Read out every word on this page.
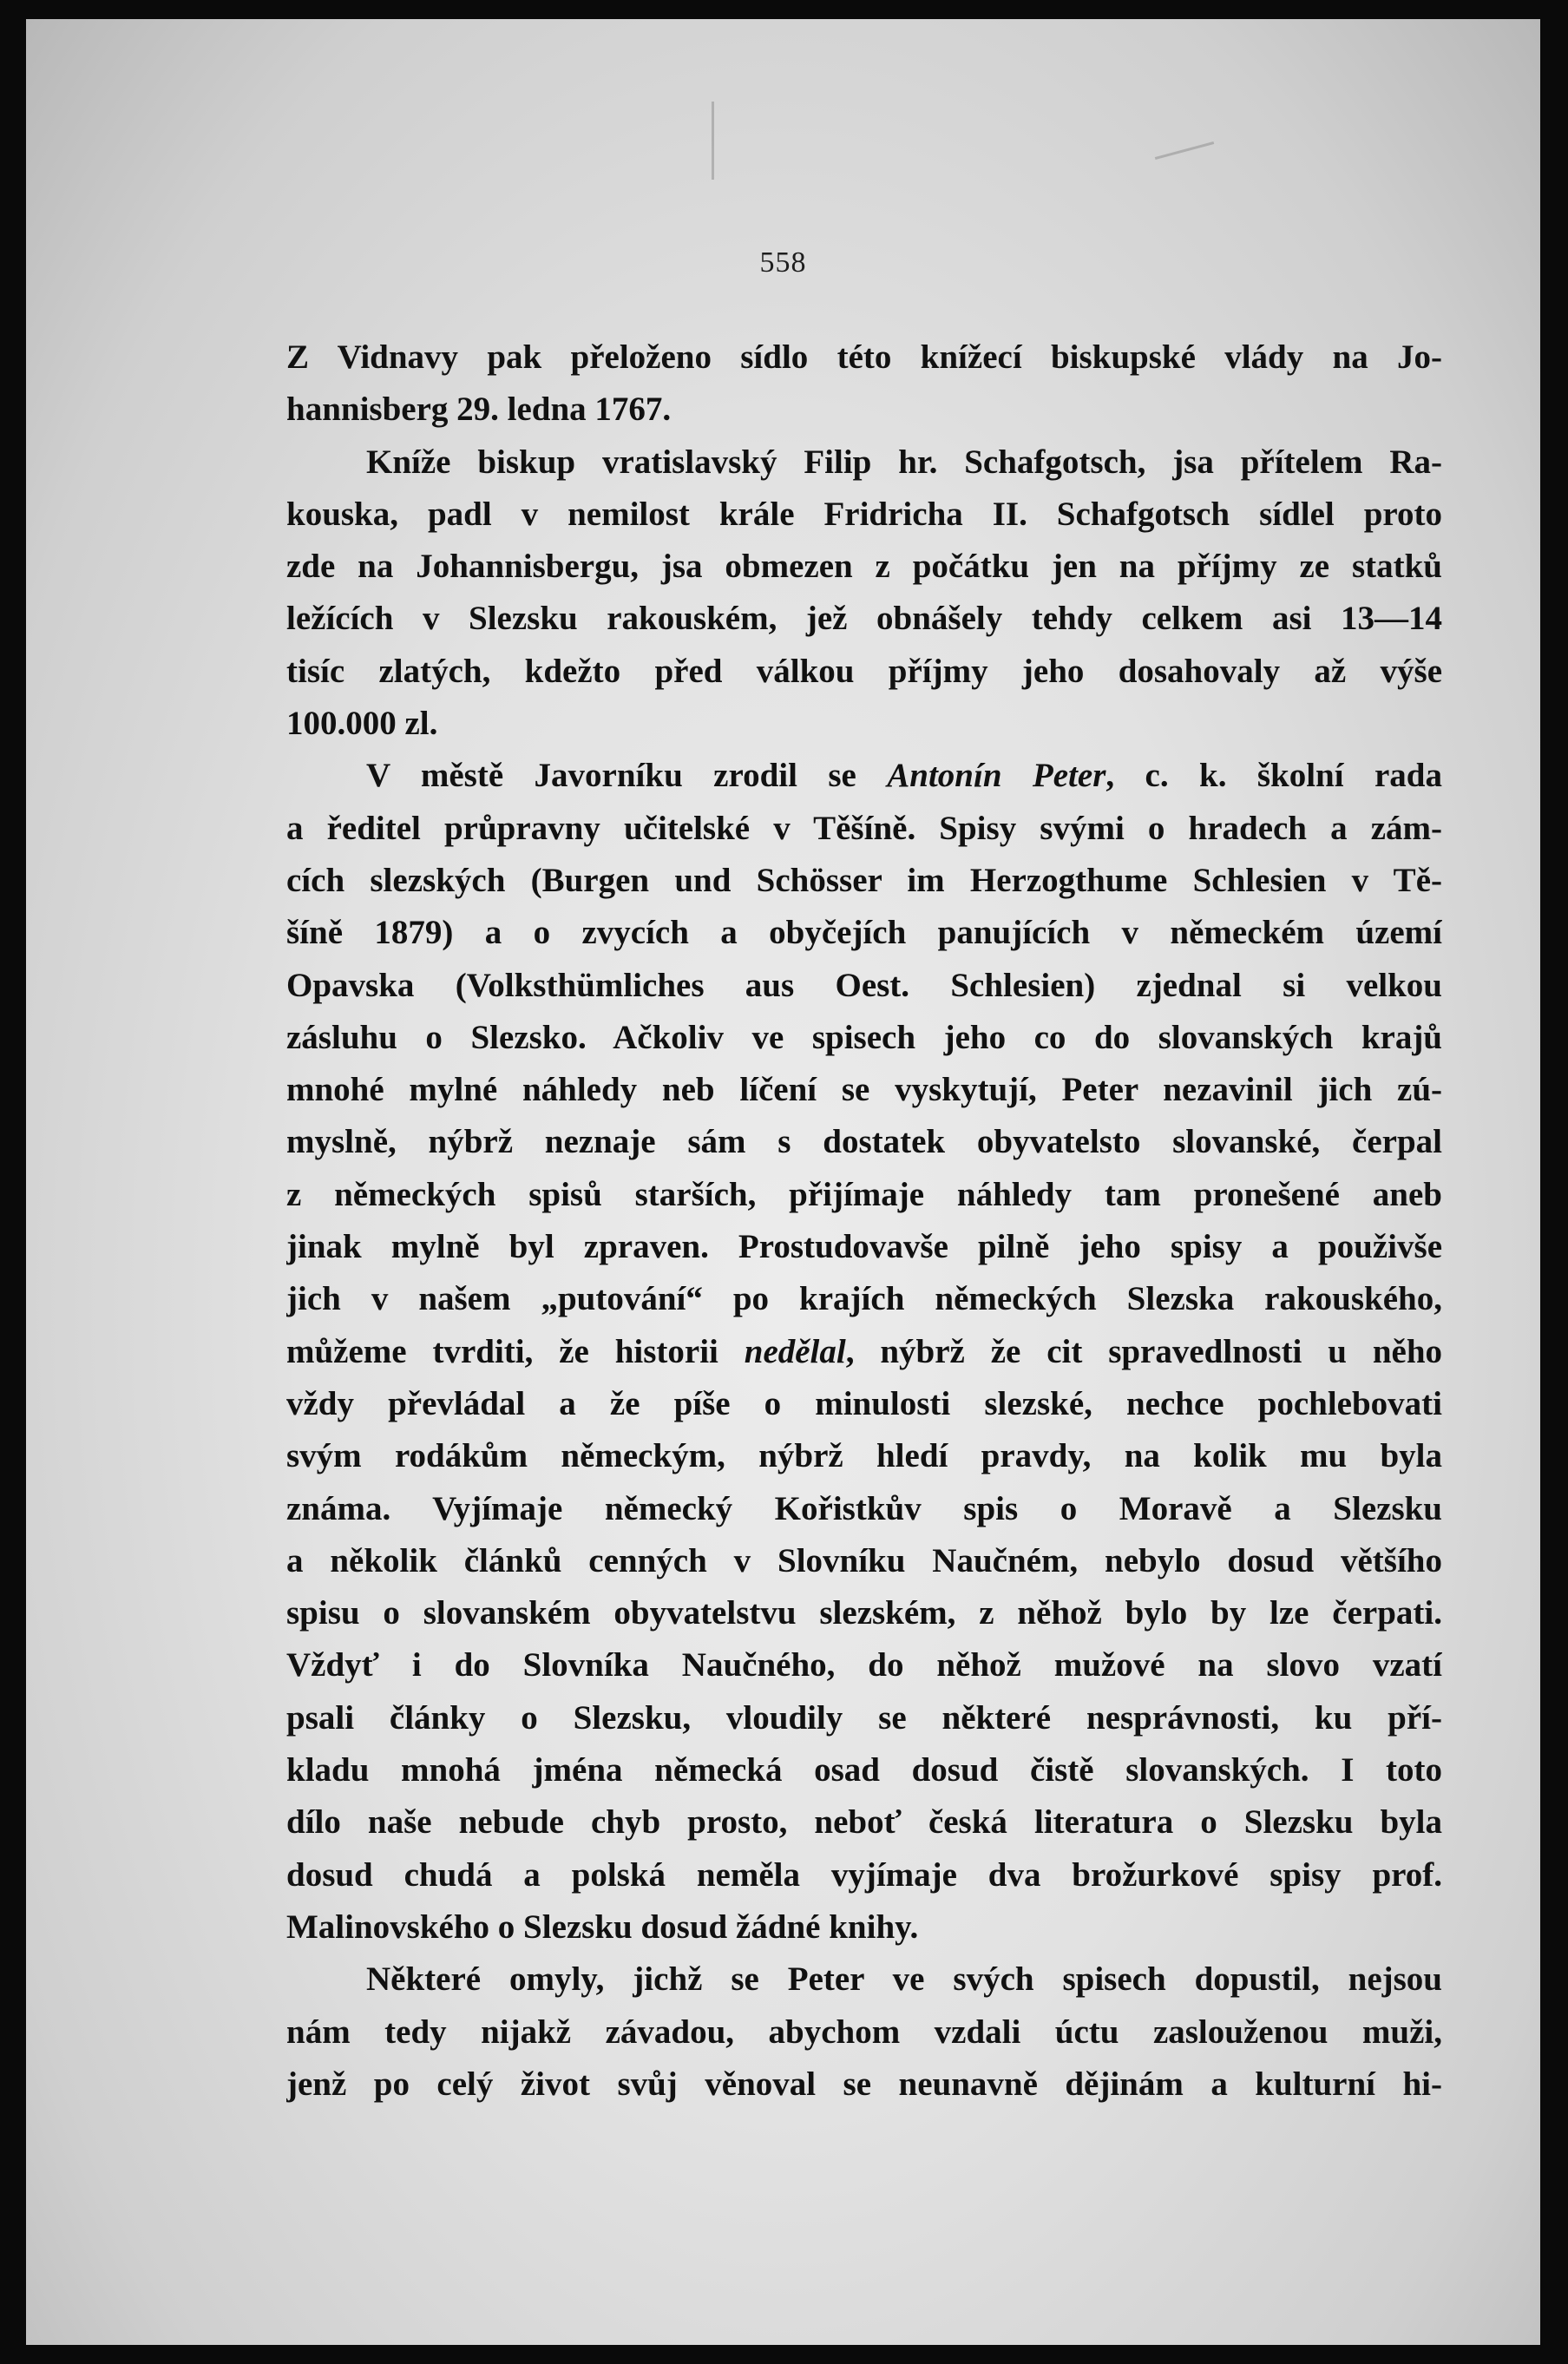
558
Z Vidnavy pak přeloženo sídlo této knížecí biskupské vlády na Jo-
hannisberg 29. ledna 1767.
Kníže biskup vratislavský Filip hr. Schafgotsch, jsa přítelem Ra-
kouska, padl v nemilost krále Fridricha II. Schafgotsch sídlel proto
zde na Johannisbergu, jsa obmezen z počátku jen na příjmy ze statků
ležících v Slezsku rakouském, jež obnášely tehdy celkem asi 13—14
tisíc zlatých, kdežto před válkou příjmy jeho dosahovaly až výše
100.000 zl.
V městě Javorníku zrodil se Antonín Peter, c. k. školní rada
a ředitel průpravny učitelské v Těšíně. Spisy svými o hradech a zám-
cích slezských (Burgen und Schösser im Herzogthume Schlesien v Tě-
šíně 1879) a o zvycích a obyčejích panujících v německém území
Opavska (Volksthümliches aus Oest. Schlesien) zjednal si velkou
zásluhu o Slezsko. Ačkoliv ve spisech jeho co do slovanských krajů
mnohé mylné náhledy neb líčení se vyskytují, Peter nezavinil jich zú-
myslně, nýbrž neznaje sám s dostatek obyvatelsto slovanské, čerpal
z německých spisů starších, přijímaje náhledy tam pronešené aneb
jinak mylně byl zpraven. Prostudovavše pilně jeho spisy a použivše
jich v našem „putování“ po krajích německých Slezska rakouského,
můžeme tvrditi, že historii nedělal, nýbrž že cit spravedlnosti u něho
vždy převládal a že píše o minulosti slezské, nechce pochlebovati
svým rodákům německým, nýbrž hledí pravdy, na kolik mu byla
známa. Vyjímaje německý Kořistkův spis o Moravě a Slezsku
a několik článků cenných v Slovníku Naučném, nebylo dosud většího
spisu o slovanském obyvatelstvu slezském, z něhož bylo by lze čerpati.
Vždyť i do Slovníka Naučného, do něhož mužové na slovo vzatí
psali články o Slezsku, vloudily se některé nesprávnosti, ku pří-
kladu mnohá jména německá osad dosud čistě slovanských. I toto
dílo naše nebude chyb prosto, neboť česká literatura o Slezsku byla
dosud chudá a polská neměla vyjímaje dva brožurkové spisy prof.
Malinovského o Slezsku dosud žádné knihy.
Některé omyly, jichž se Peter ve svých spisech dopustil, nejsou
nám tedy nijakž závadou, abychom vzdali úctu zaslouženou muži,
jenž po celý život svůj věnoval se neunavně dějinám a kulturní hi-
